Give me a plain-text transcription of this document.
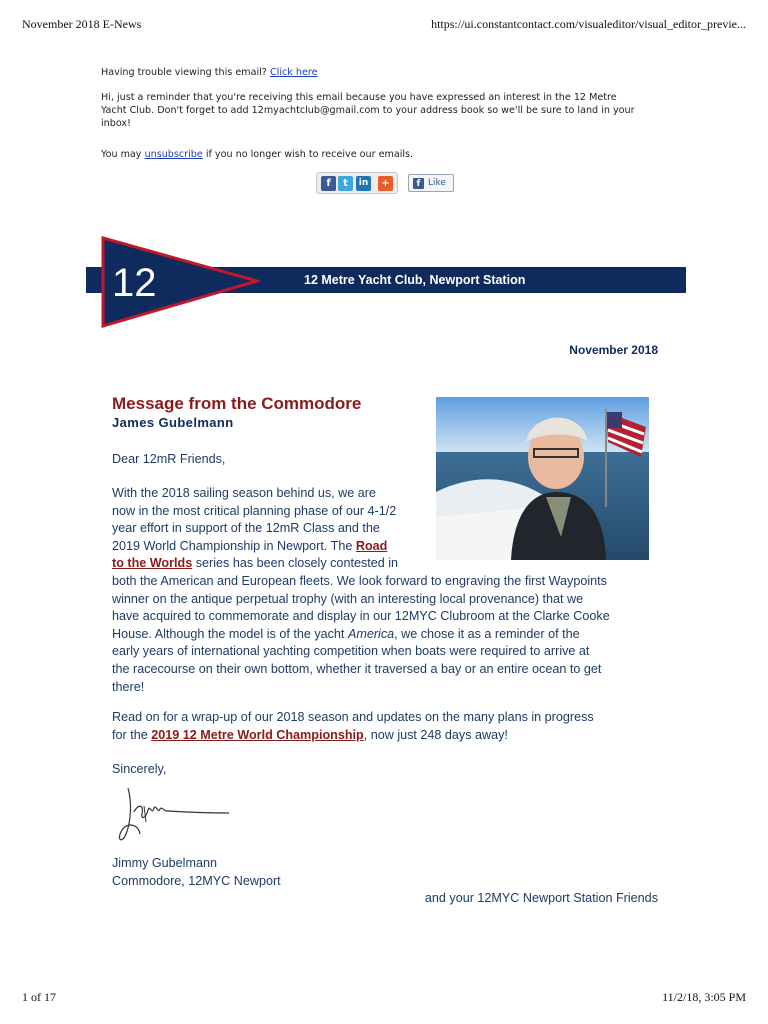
November 2018 E-News	https://ui.constantcontact.com/visualeditor/visual_editor_previe...
Having trouble viewing this email? Click here
Hi, just a reminder that you're receiving this email because you have expressed an interest in the 12 Metre
Yacht Club. Don't forget to add 12myachtclub@gmail.com to your address book so we'll be sure to land in your
inbox!
You may unsubscribe if you no longer wish to receive our emails.
f	t	in	+	f Like
12	12 Metre Yacht Club, Newport Station
November 2018
Message from the Commodore
James Gubelmann
Dear 12mR Friends,
With the 2018 sailing season behind us, we are
now in the most critical planning phase of our 4-1/2
year effort in support of the 12mR Class and the
2019 World Championship in Newport. The Road
to the Worlds series has been closely contested in
both the American and European fleets. We look forward to engraving the first Waypoints
winner on the antique perpetual trophy (with an interesting local provenance) that we
have acquired to commemorate and display in our 12MYC Clubroom at the Clarke Cooke
House. Although the model is of the yacht America, we chose it as a reminder of the
early years of international yachting competition when boats were required to arrive at
the racecourse on their own bottom, whether it traversed a bay or an entire ocean to get
there!
Read on for a wrap-up of our 2018 season and updates on the many plans in progress
for the 2019 12 Metre World Championship, now just 248 days away!
Sincerely,
Jimmy Gubelmann
Commodore, 12MYC Newport
and your 12MYC Newport Station Friends
1 of 17	11/2/18, 3:05 PM
